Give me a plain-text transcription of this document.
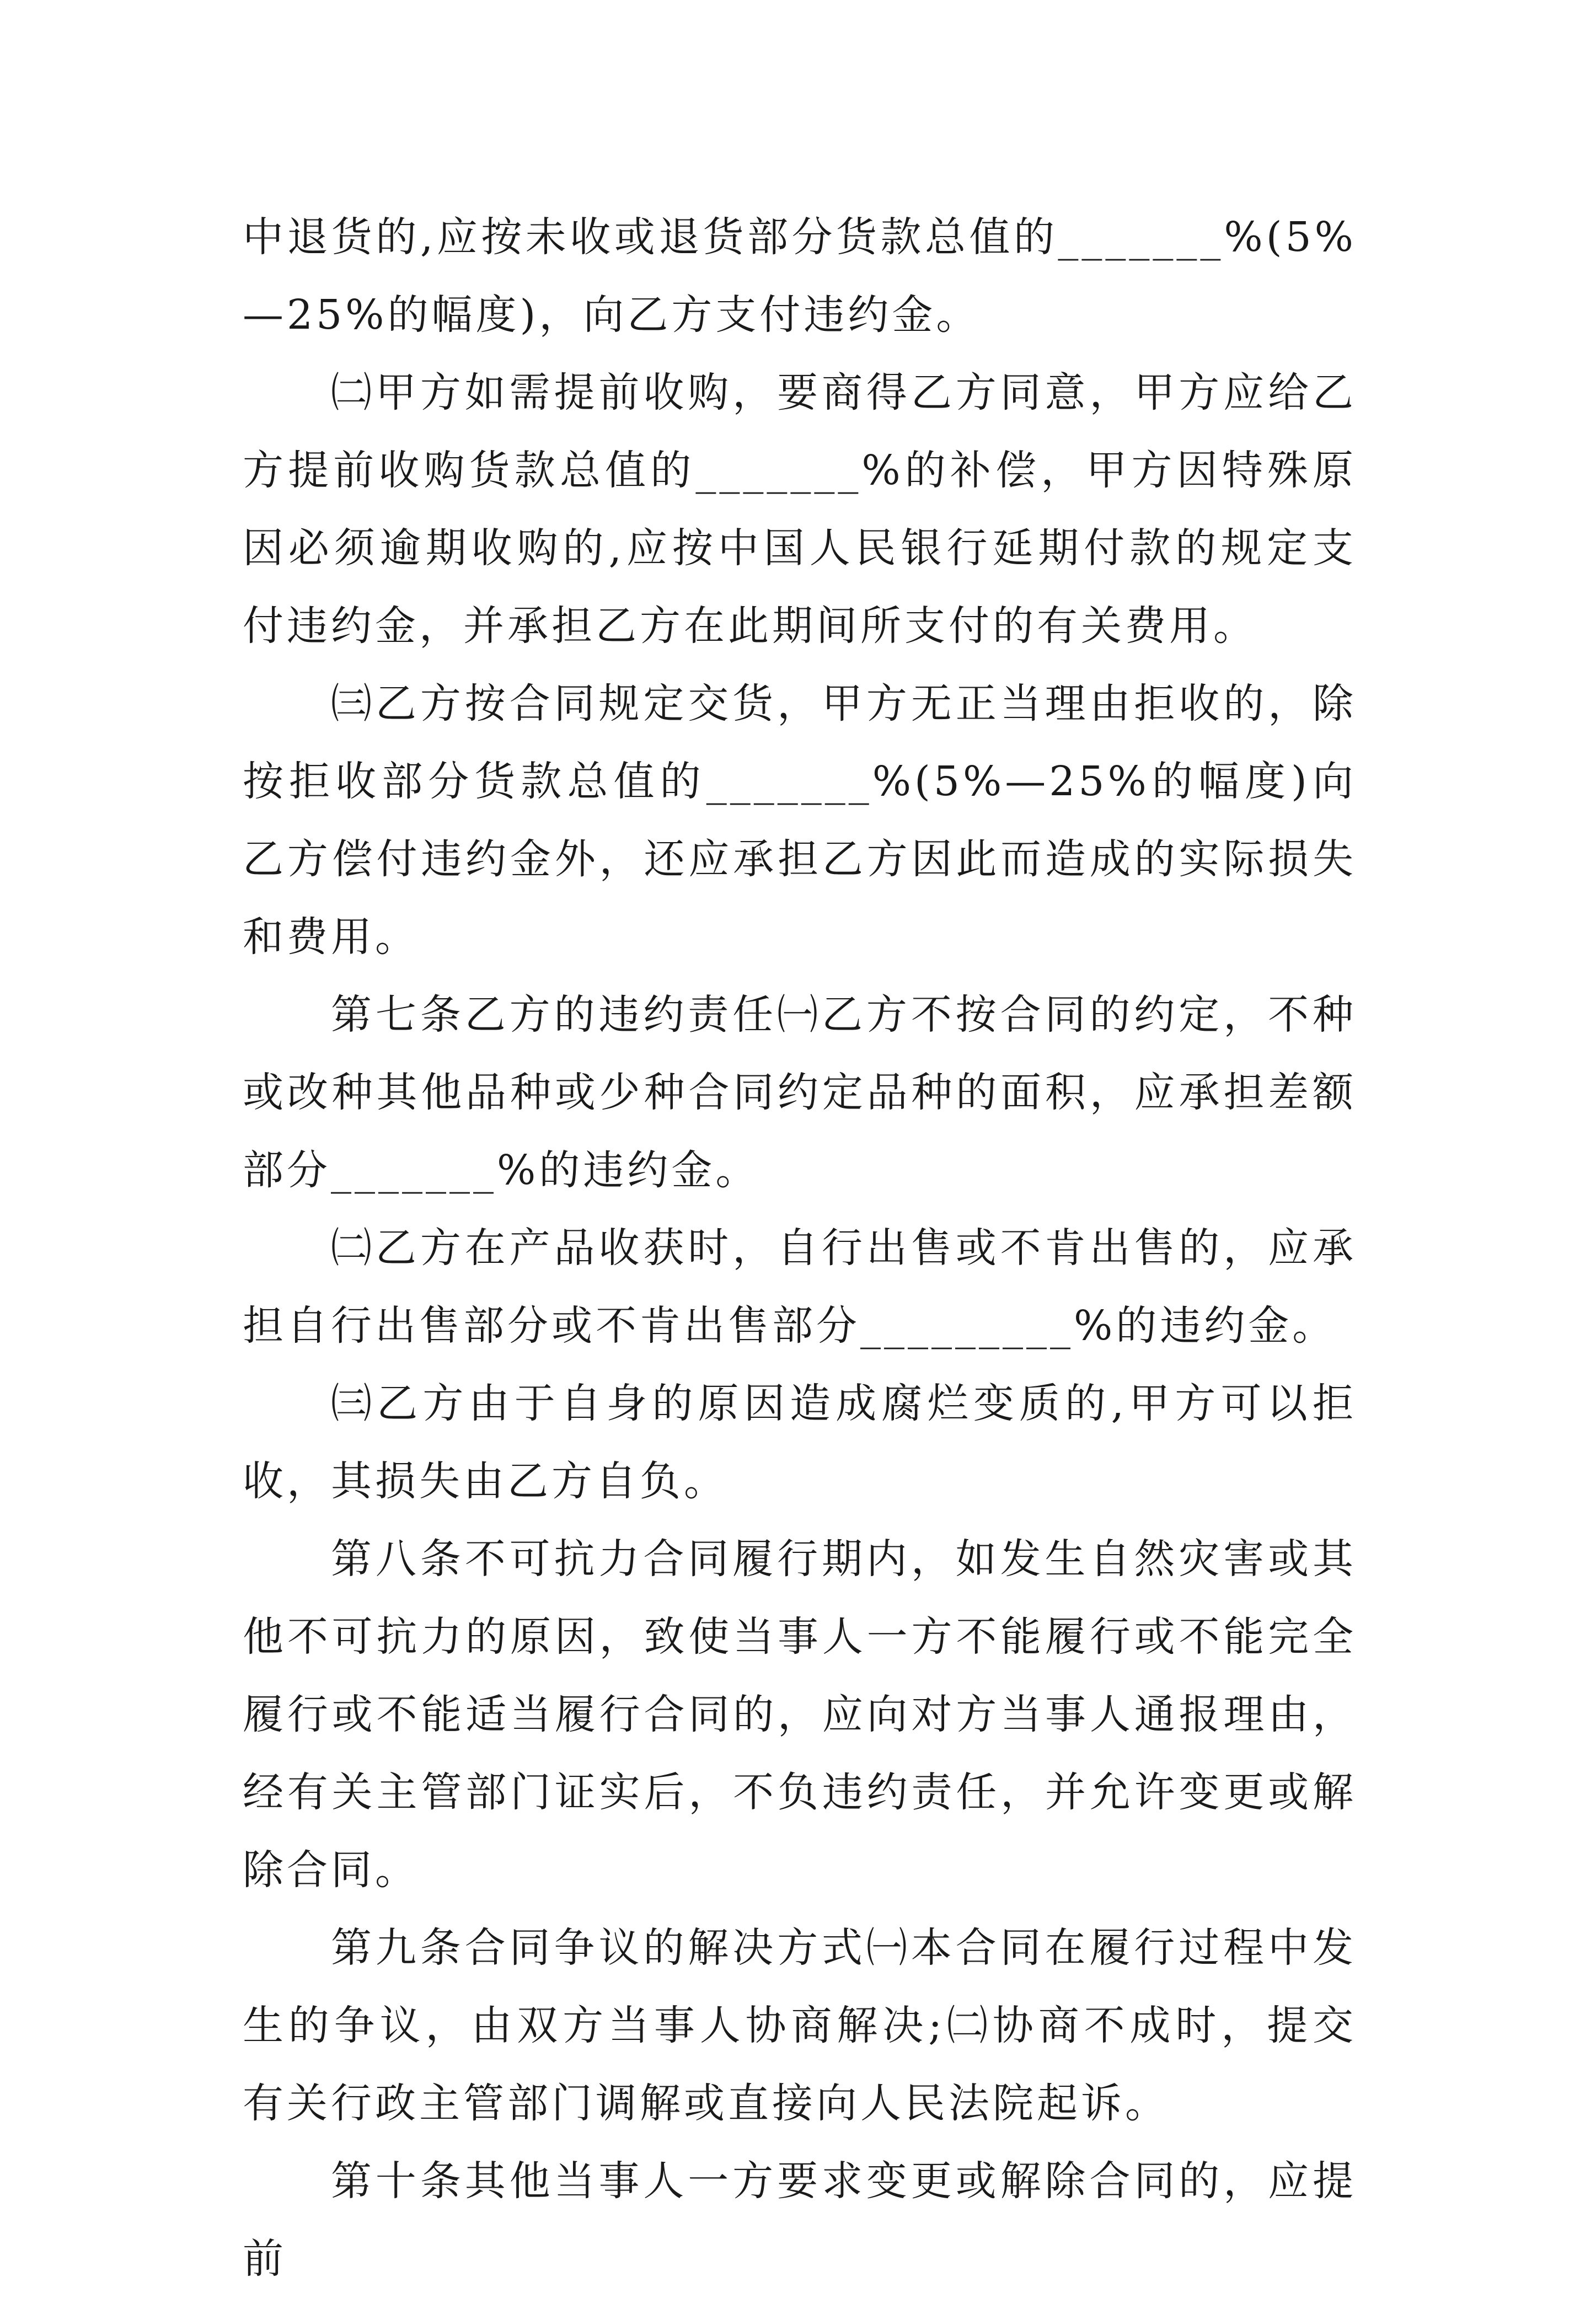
中退货的,应按未收或退货部分货款总值的_______%(5%—25%的幅度)，向乙方支付违约金。

㈡甲方如需提前收购，要商得乙方同意，甲方应给乙方提前收购货款总值的_______%的补偿，甲方因特殊原因必须逾期收购的,应按中国人民银行延期付款的规定支付违约金，并承担乙方在此期间所支付的有关费用。

㈢乙方按合同规定交货，甲方无正当理由拒收的，除按拒收部分货款总值的_______%(5%—25%的幅度)向乙方偿付违约金外，还应承担乙方因此而造成的实际损失和费用。

第七条乙方的违约责任㈠乙方不按合同的约定，不种或改种其他品种或少种合同约定品种的面积，应承担差额部分_______%的违约金。

㈡乙方在产品收获时，自行出售或不肯出售的，应承担自行出售部分或不肯出售部分_________%的违约金。

㈢乙方由于自身的原因造成腐烂变质的,甲方可以拒收，其损失由乙方自负。

第八条不可抗力合同履行期内，如发生自然灾害或其他不可抗力的原因，致使当事人一方不能履行或不能完全履行或不能适当履行合同的，应向对方当事人通报理由，经有关主管部门证实后，不负违约责任，并允许变更或解除合同。

第九条合同争议的解决方式㈠本合同在履行过程中发生的争议，由双方当事人协商解决;㈡协商不成时，提交有关行政主管部门调解或直接向人民法院起诉。

第十条其他当事人一方要求变更或解除合同的，应提前
